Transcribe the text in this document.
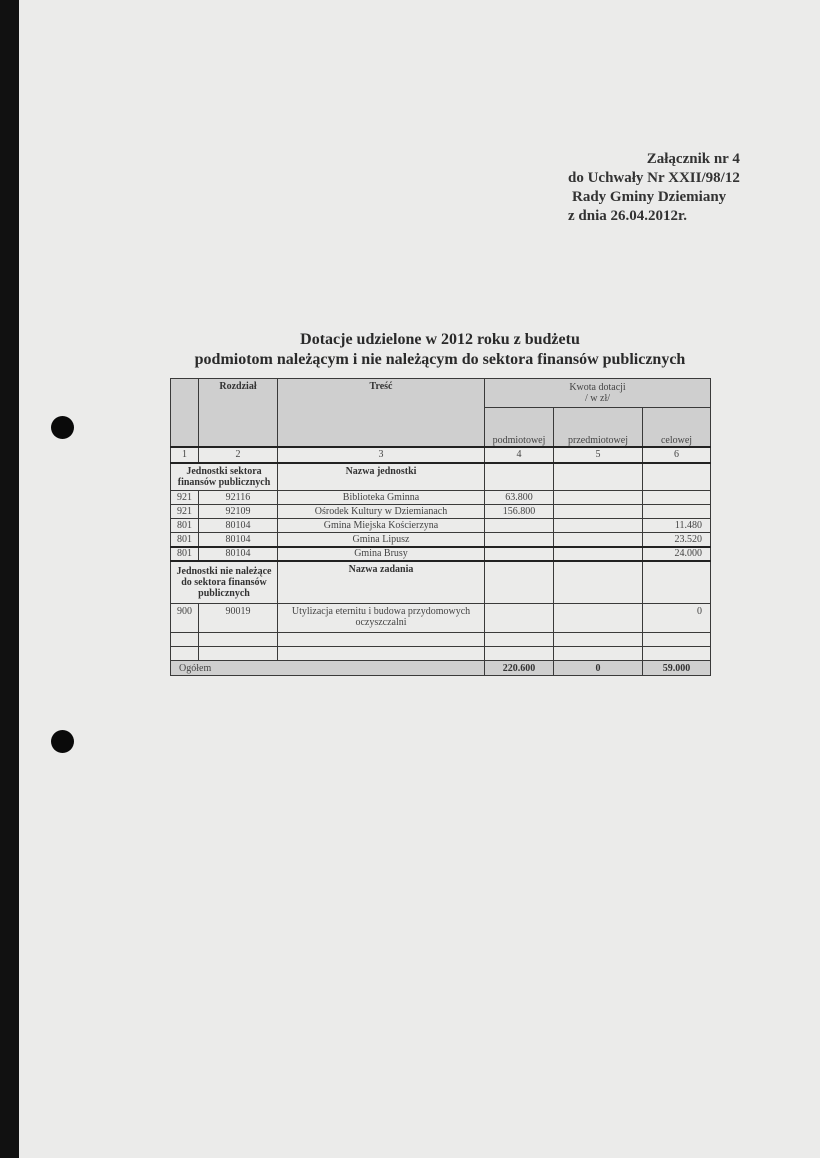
Załącznik nr 4
do Uchwały Nr XXII/98/12
Rady Gminy Dziemiany
z dnia 26.04.2012r.
Dotacje udzielone w 2012 roku z budżetu
podmiotom należącym i nie należącym do sektora finansów publicznych
	Rozdział	Treść	Kwota dotacji
/ w zł/		

			podmiotowej	przedmiotowej	celowej
1	2	3	4	5	6
Jednostki sektora finansów publicznych		Nazwa jednostki			
921	92116	Biblioteka Gminna	63.800		
921	92109	Ośrodek Kultury w Dziemianach	156.800		
801	80104	Gmina Miejska Kościerzyna			11.480
801	80104	Gmina Lipusz			23.520
801	80104	Gmina Brusy			24.000
Jednostki nie należące do sektora finansów publicznych		Nazwa zadania			
900	90019	Utylizacja eternitu i budowa przydomowych oczyszczalni			0

Ogółem			220.600	0	59.000
